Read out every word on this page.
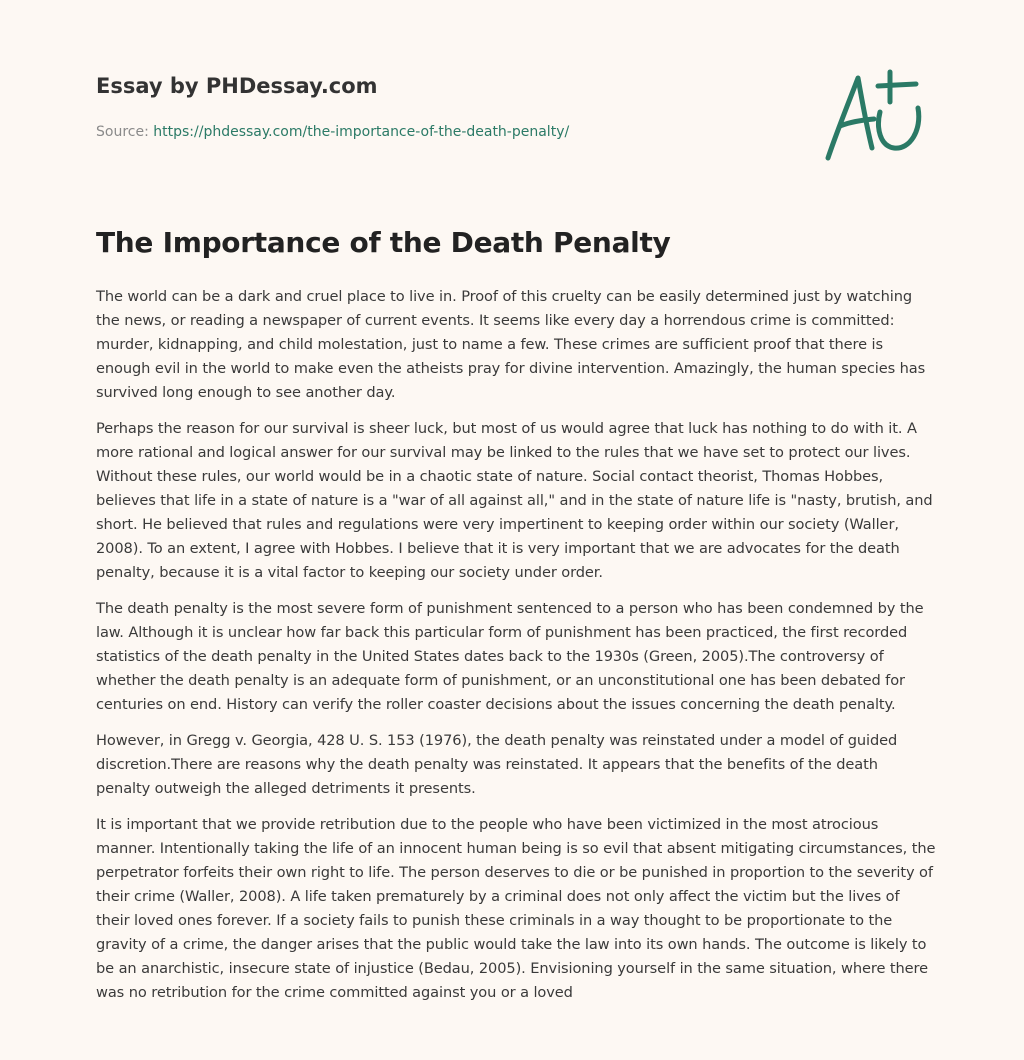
Essay by PHDessay.com
Source: https://phdessay.com/the-importance-of-the-death-penalty/
The Importance of the Death Penalty

The world can be a dark and cruel place to live in. Proof of this cruelty can be easily determined just by watching the news, or reading a newspaper of current events. It seems like every day a horrendous crime is committed: murder, kidnapping, and child molestation, just to name a few. These crimes are sufficient proof that there is enough evil in the world to make even the atheists pray for divine intervention. Amazingly, the human species has survived long enough to see another day.

Perhaps the reason for our survival is sheer luck, but most of us would agree that luck has nothing to do with it. A more rational and logical answer for our survival may be linked to the rules that we have set to protect our lives. Without these rules, our world would be in a chaotic state of nature. Social contact theorist, Thomas Hobbes, believes that life in a state of nature is a "war of all against all," and in the state of nature life is "nasty, brutish, and short. He believed that rules and regulations were very impertinent to keeping order within our society (Waller, 2008). To an extent, I agree with Hobbes. I believe that it is very important that we are advocates for the death penalty, because it is a vital factor to keeping our society under order.

The death penalty is the most severe form of punishment sentenced to a person who has been condemned by the law. Although it is unclear how far back this particular form of punishment has been practiced, the first recorded statistics of the death penalty in the United States dates back to the 1930s (Green, 2005).The controversy of whether the death penalty is an adequate form of punishment, or an unconstitutional one has been debated for centuries on end. History can verify the roller coaster decisions about the issues concerning the death penalty.

However, in Gregg v. Georgia, 428 U. S. 153 (1976), the death penalty was reinstated under a model of guided discretion.There are reasons why the death penalty was reinstated. It appears that the benefits of the death penalty outweigh the alleged detriments it presents.

It is important that we provide retribution due to the people who have been victimized in the most atrocious manner. Intentionally taking the life of an innocent human being is so evil that absent mitigating circumstances, the perpetrator forfeits their own right to life. The person deserves to die or be punished in proportion to the severity of their crime (Waller, 2008). A life taken prematurely by a criminal does not only affect the victim but the lives of their loved ones forever. If a society fails to punish these criminals in a way thought to be proportionate to the gravity of a crime, the danger arises that the public would take the law into its own hands. The outcome is likely to be an anarchistic, insecure state of injustice (Bedau, 2005). Envisioning yourself in the same situation, where there was no retribution for the crime committed against you or a loved
